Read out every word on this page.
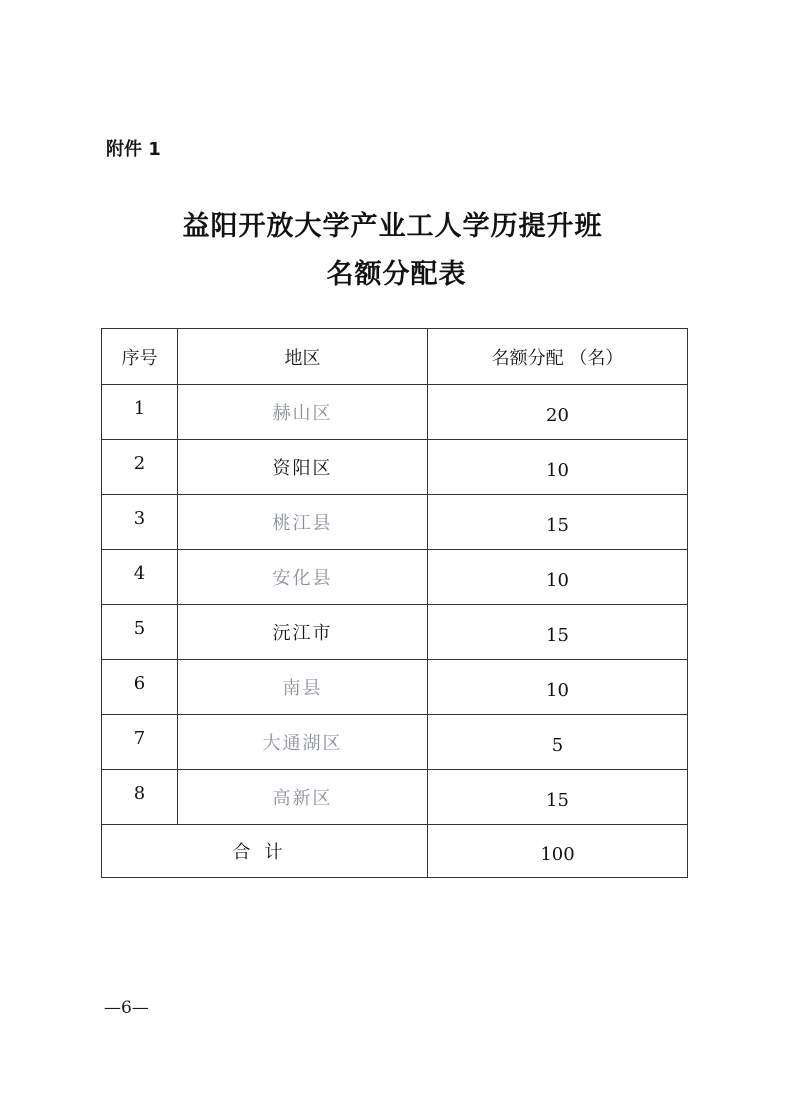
附件 1
益阳开放大学产业工人学历提升班
名额分配表
序号	地区	名额分配 （名）
1	赫山区	20
2	资阳区	10
3	桃江县	15
4	安化县	10
5	沅江市	15
6	南县	10
7	大通湖区	5
8	高新区	15
合计		100
—6—
